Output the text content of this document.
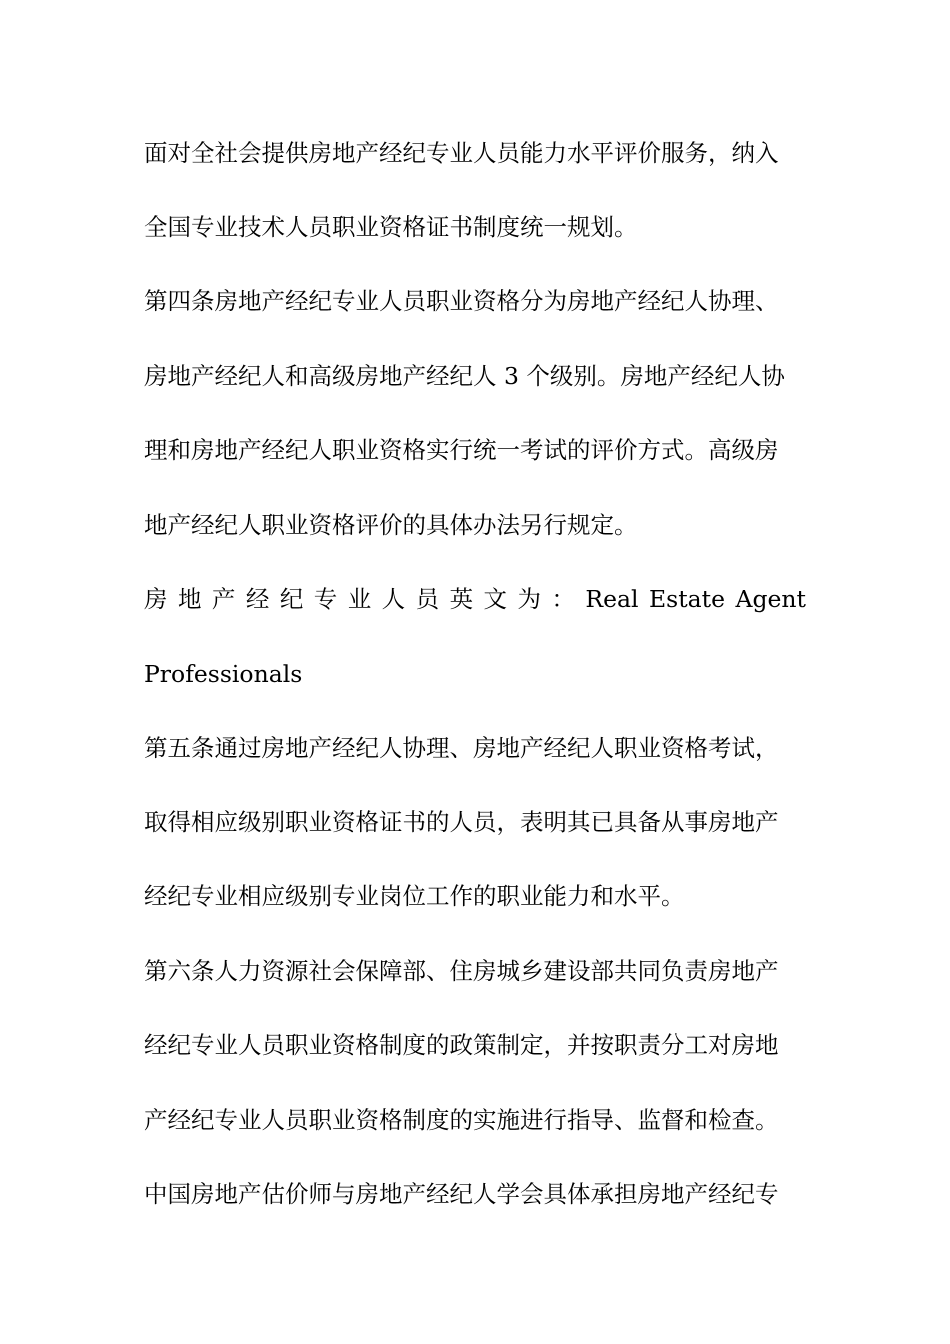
面对全社会提供房地产经纪专业人员能力水平评价服务，纳入
全国专业技术人员职业资格证书制度统一规划。
第四条房地产经纪专业人员职业资格分为房地产经纪人协理、
房地产经纪人和高级房地产经纪人 3 个级别。房地产经纪人协
理和房地产经纪人职业资格实行统一考试的评价方式。高级房
地产经纪人职业资格评价的具体办法另行规定。
房 地 产 经 纪 专 业 人 员 英 文 为 ： Real Estate Agent
Professionals
第五条通过房地产经纪人协理、房地产经纪人职业资格考试，
取得相应级别职业资格证书的人员，表明其已具备从事房地产
经纪专业相应级别专业岗位工作的职业能力和水平。
第六条人力资源社会保障部、住房城乡建设部共同负责房地产
经纪专业人员职业资格制度的政策制定，并按职责分工对房地
产经纪专业人员职业资格制度的实施进行指导、监督和检查。
中国房地产估价师与房地产经纪人学会具体承担房地产经纪专
